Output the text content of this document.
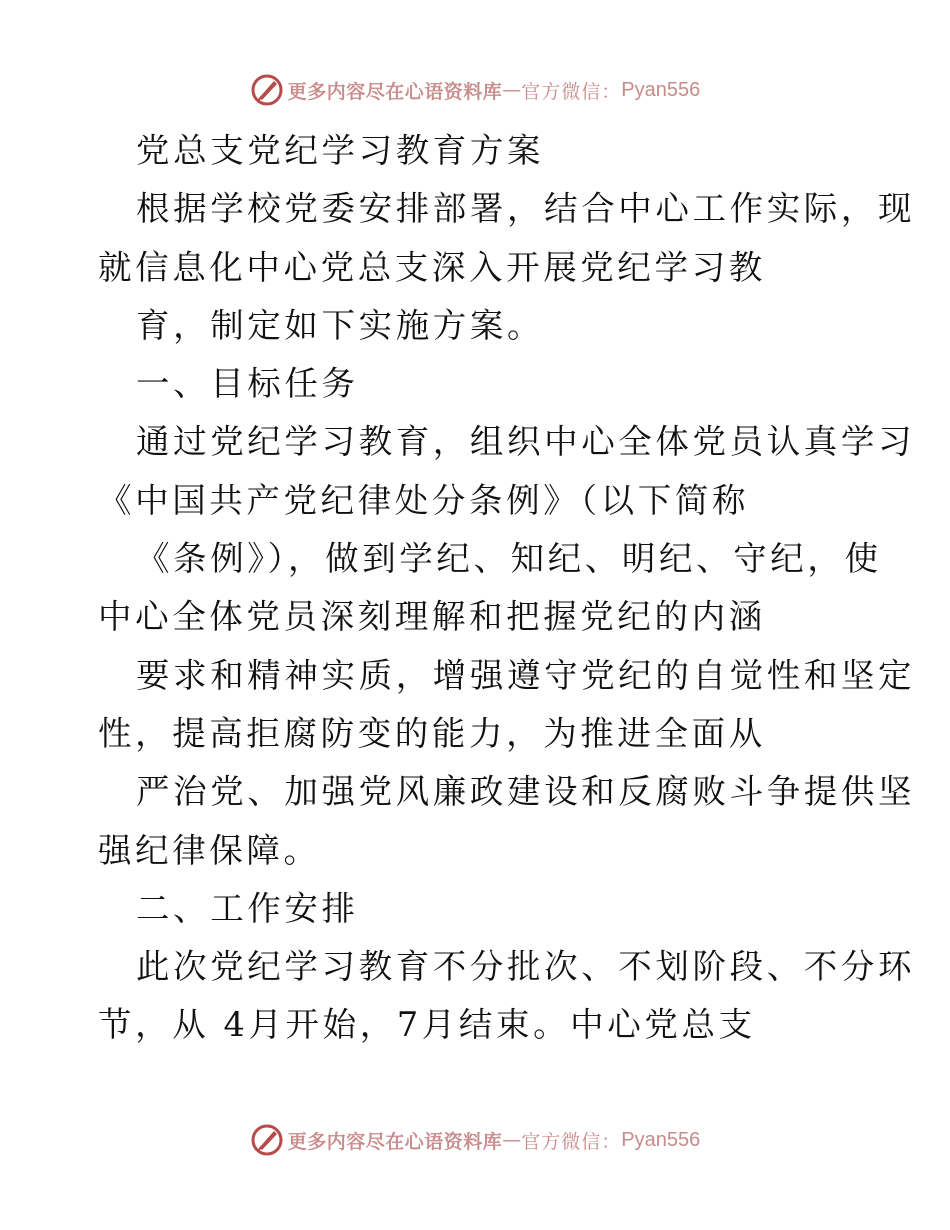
更多内容尽在心语资料库 — 官方微信： Pyan556
党总支党纪学习教育方案
根据学校党委安排部署，结合中心工作实际，现
就信息化中心党总支深入开展党纪学习教
育，制定如下实施方案。
一、目标任务
通过党纪学习教育，组织中心全体党员认真学习
《中国共产党纪律处分条例》（以下简称
《条例》），做到学纪、知纪、明纪、守纪，使
中心全体党员深刻理解和把握党纪的内涵
要求和精神实质，增强遵守党纪的自觉性和坚定
性，提高拒腐防变的能力，为推进全面从
严治党、加强党风廉政建设和反腐败斗争提供坚
强纪律保障。
二、工作安排
此次党纪学习教育不分批次、不划阶段、不分环
节，从 4月开始，7月结束。中心党总支
更多内容尽在心语资料库 — 官方微信： Pyan556
